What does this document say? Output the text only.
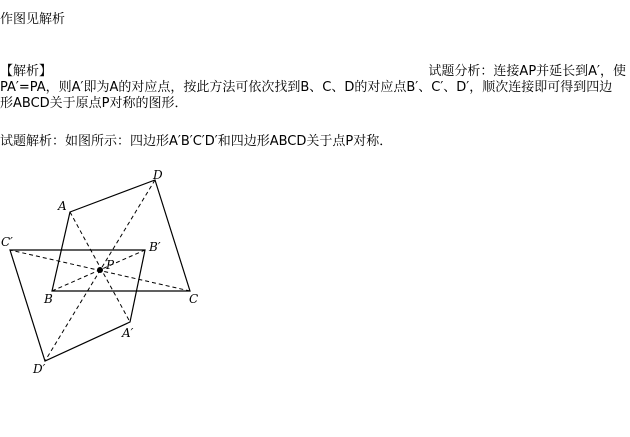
作图见解析
【解析】	试题分析：连接AP并延长到A′，使
PA′=PA，则A′即为A的对应点，按此方法可依次找到B、C、D的对应点B′、C′、D′，顺次连接即可得到四边
形ABCD关于原点P对称的图形．
试题解析：如图所示：四边形A′B′C′D′和四边形ABCD关于点P对称．
A
D
B	C
C′	B′
A′
D′
P
